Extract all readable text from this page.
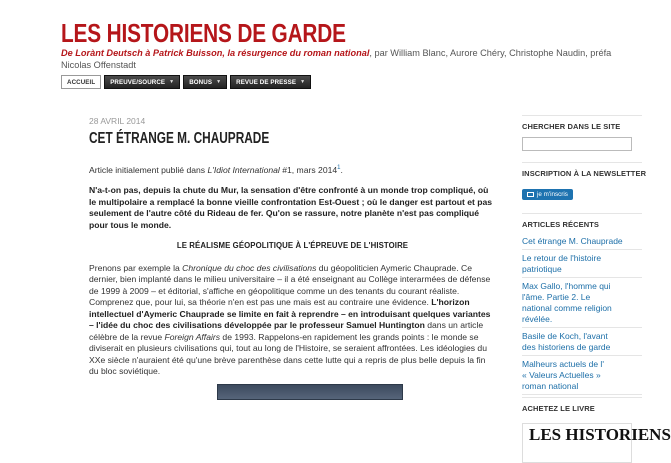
LES HISTORIENS DE GARDE
De Lorànt Deutsch à Patrick Buisson, la résurgence du roman national, par William Blanc, Aurore Chéry, Christophe Naudin, préfa
Nicolas Offenstadt
ACCUEIL PREUVE/SOURCE ▼ BONUS ▼ REVUE DE PRESSE ▼
28 AVRIL 2014
CET ÉTRANGE M. CHAUPRADE

Article initialement publié dans L'Idiot International #1, mars 2014$^1$.

N'a-t-on pas, depuis la chute du Mur, la sensation d'être confronté à un monde trop compliqué, où le multipolaire a remplacé la bonne vieille confrontation Est-Ouest ; où le danger est partout et pas seulement de l'autre côté du Rideau de fer. Qu'on se rassure, notre planète n'est pas compliqué pour tous le monde.

LE RÉALISME GÉOPOLITIQUE À L'ÉPREUVE DE L'HISTOIRE

Prenons par exemple la Chronique du choc des civilisations du géopoliticien Aymeric Chauprade. Ce dernier, bien implanté dans le milieu universitaire – il a été enseignant au Collège interarmées de défense de 1999 à 2009 – et éditorial, s'affiche en géopolitique comme un des tenants du courant réaliste. Comprenez que, pour lui, sa théorie n'en est pas une mais est au contraire une évidence. L'horizon intellectuel d'Aymeric Chauprade se limite en fait à reprendre – en introduisant quelques variantes – l'idée du choc des civilisations développée par le professeur Samuel Huntington dans un article célèbre de la revue Foreign Affairs de 1993. Rappelons-en rapidement les grands points : le monde se diviserait en plusieurs civilisations qui, tout au long de l'Histoire, se seraient affrontées. Les idéologies du XXe siècle n'auraient été qu'une brève parenthèse dans cette lutte qui a repris de plus belle depuis la fin du bloc soviétique.

CHERCHER DANS LE SITE
INSCRIPTION À LA NEWSLETTER
je m'inscris
ARTICLES RÉCENTS
Cet étrange M. Chauprade
Le retour de l'histoire
patriotique
Max Gallo, l'homme qui
l'âme. Partie 2. Le
national comme religion
révélée.
Basile de Koch, l'avant
des historiens de garde
Malheurs actuels de l'
« Valeurs Actuelles »
roman national
ACHETEZ LE LIVRE
LES HISTORIENS
